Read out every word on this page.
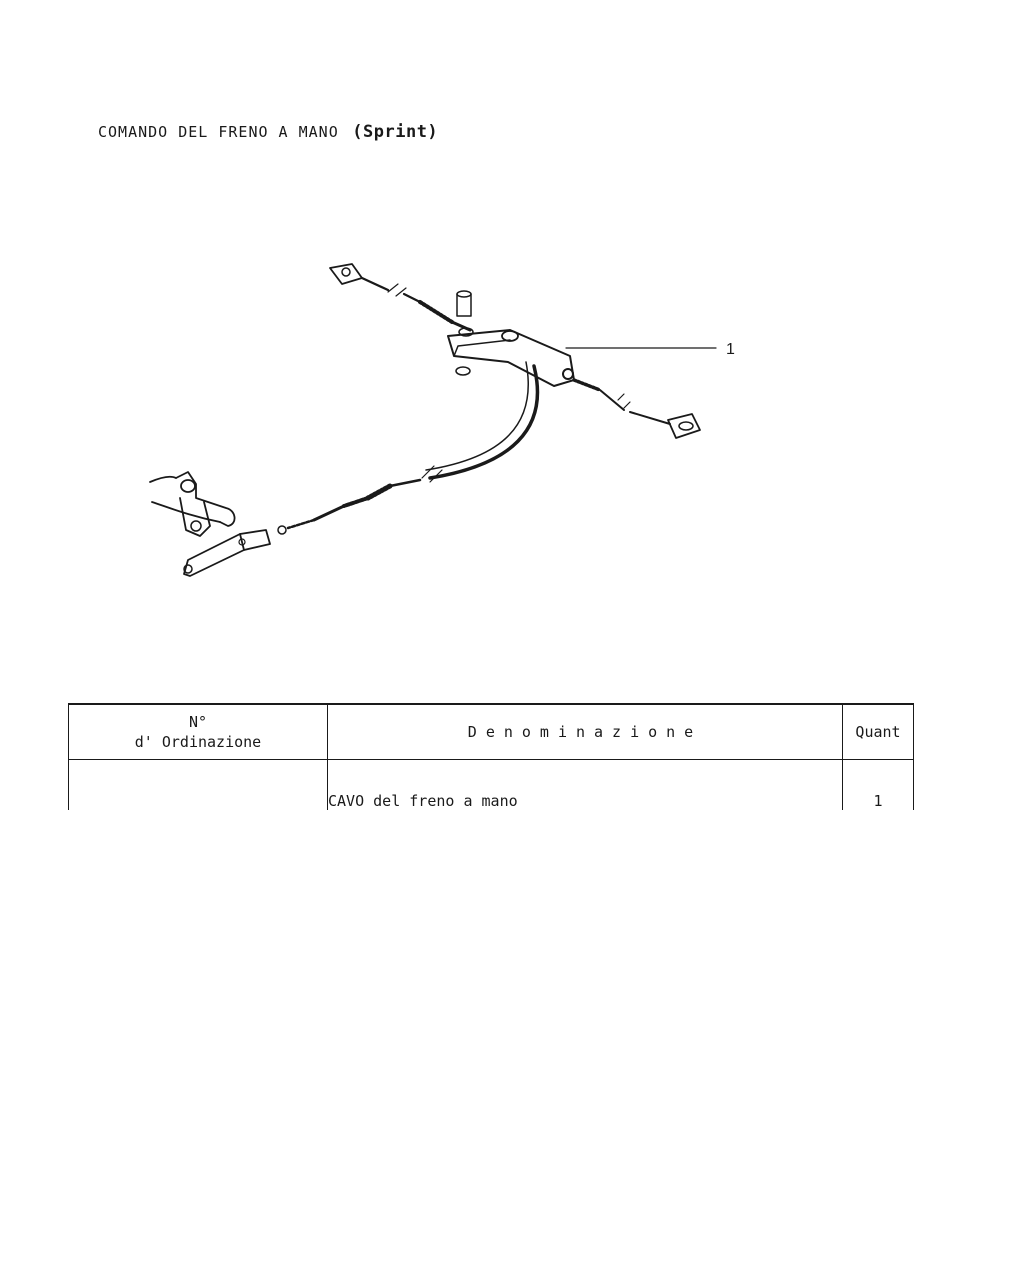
COMANDO DEL FRENO A MANO (Sprint)
1
N°
d' Ordinazione	Denominazione	Quant

	CAVO del freno a mano	1
